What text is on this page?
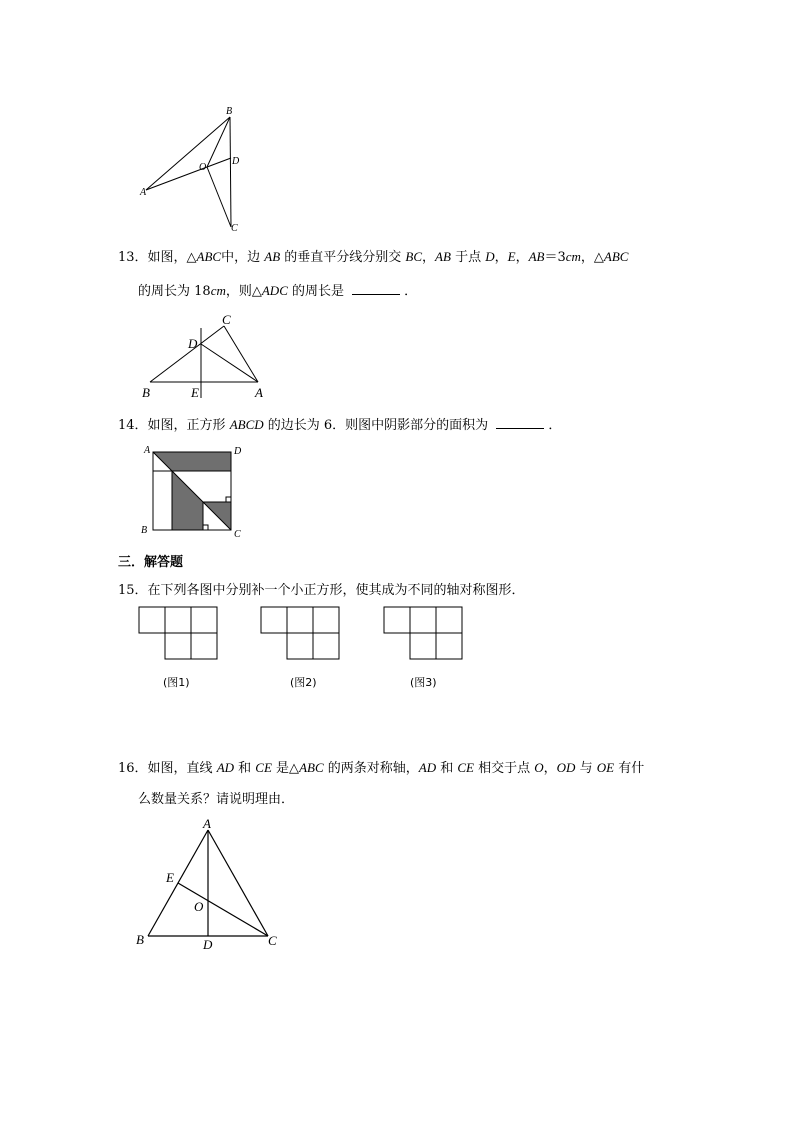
B
O
D
A
C
13．如图，△ABC中，边 AB 的垂直平分线分别交 BC，AB 于点 D，E，AB＝3cm，△ABC
的周长为 18cm，则△ADC 的周长是	．
C
D
B	E	A
14．如图，正方形 ABCD 的边长为 6．则图中阴影部分的面积为	．
A	D
B	C
三．解答题
15．在下列各图中分别补一个小正方形，使其成为不同的轴对称图形．
(图1)	(图2)	(图3)
16．如图，直线 AD 和 CE 是△ABC 的两条对称轴，AD 和 CE 相交于点 O，OD 与 OE 有什
么数量关系？请说明理由．
A
E
O
B	D	C
